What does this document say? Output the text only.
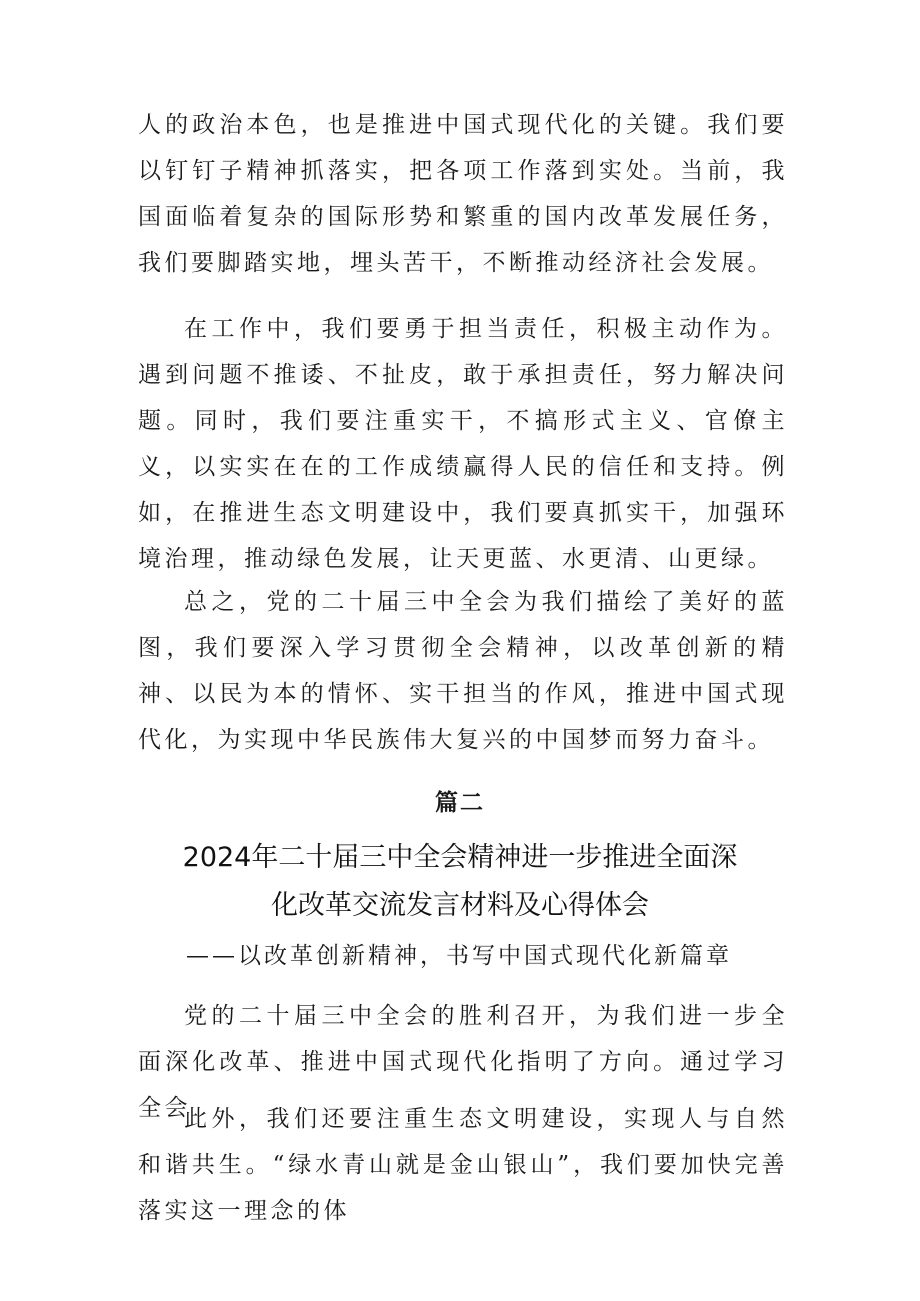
人的政治本色，也是推进中国式现代化的关键。我们要以钉钉子精神抓落实，把各项工作落到实处。当前，我国面临着复杂的国际形势和繁重的国内改革发展任务，我们要脚踏实地，埋头苦干，不断推动经济社会发展。

在工作中，我们要勇于担当责任，积极主动作为。遇到问题不推诿、不扯皮，敢于承担责任，努力解决问题。同时，我们要注重实干，不搞形式主义、官僚主义，以实实在在的工作成绩赢得人民的信任和支持。例如，在推进生态文明建设中，我们要真抓实干，加强环境治理，推动绿色发展，让天更蓝、水更清、山更绿。

总之，党的二十届三中全会为我们描绘了美好的蓝图，我们要深入学习贯彻全会精神，以改革创新的精神、以民为本的情怀、实干担当的作风，推进中国式现代化，为实现中华民族伟大复兴的中国梦而努力奋斗。

篇二
2024年二十届三中全会精神进一步推进全面深
化改革交流发言材料及心得体会
——以改革创新精神，书写中国式现代化新篇章

党的二十届三中全会的胜利召开，为我们进一步全面深化改革、推进中国式现代化指明了方向。通过学习全会

此外，我们还要注重生态文明建设，实现人与自然和谐共生。“绿水青山就是金山银山”，我们要加快完善落实这一理念的体
